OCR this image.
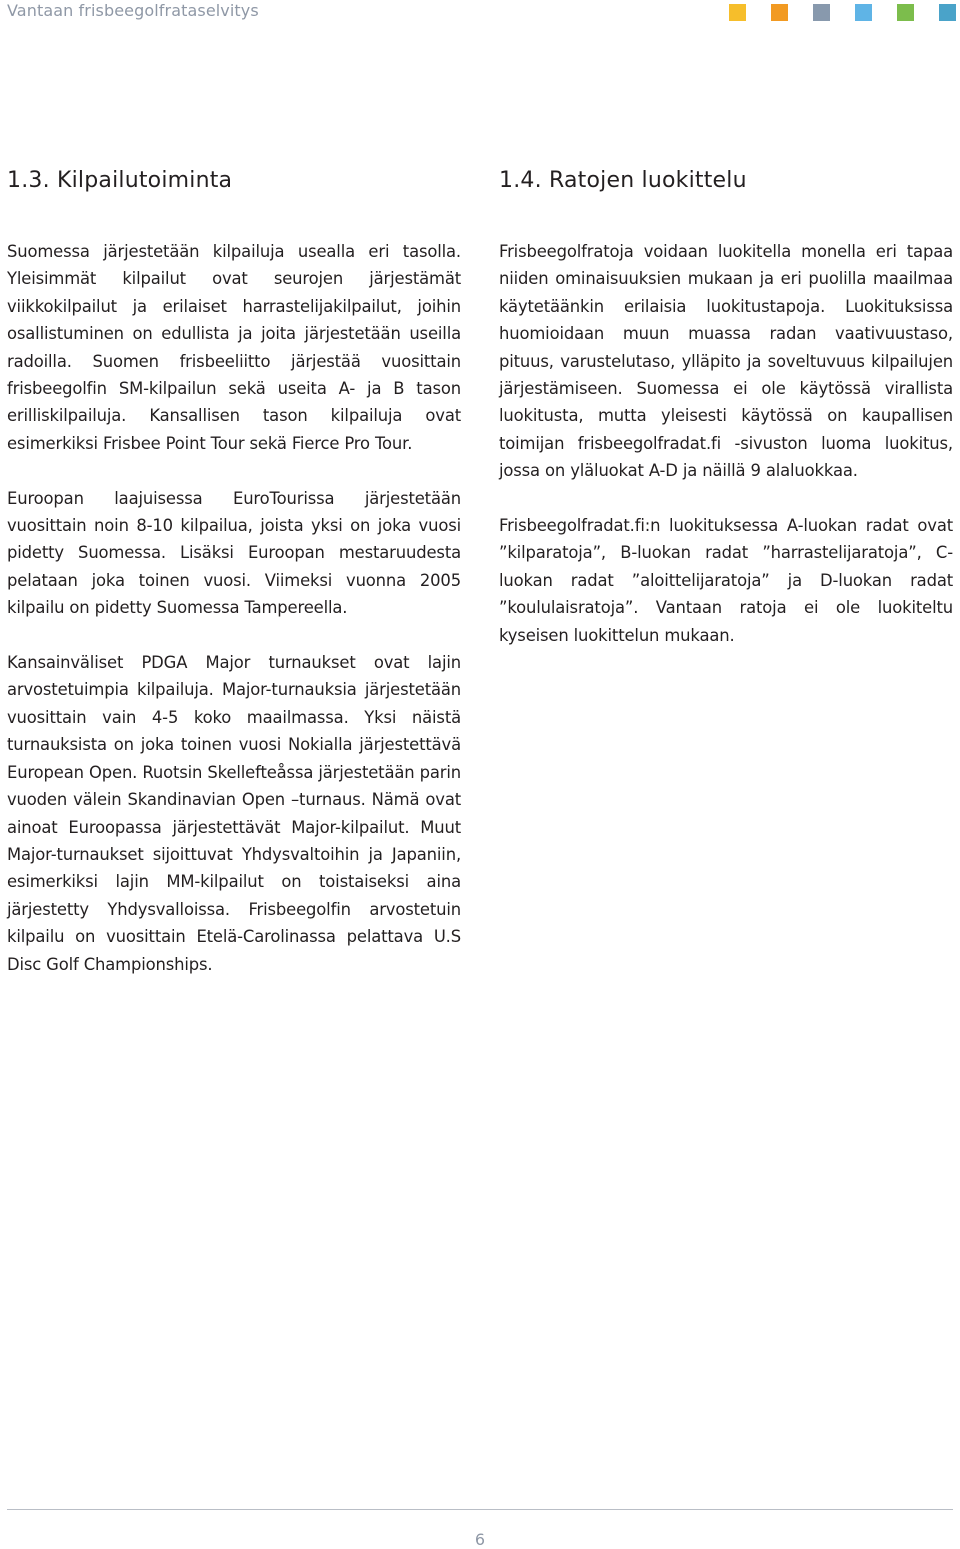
Vantaan frisbeegolfrataselvitys
1.3. Kilpailutoiminta

Suomessa järjestetään kilpailuja usealla eri tasolla. Yleisimmät kilpailut ovat seurojen järjestämät viikkokilpailut ja erilaiset harrastelijakilpailut, joihin osallistuminen on edullista ja joita järjestetään useilla radoilla. Suomen frisbeeliitto järjestää vuosittain frisbeegolfin SM-kilpailun sekä useita A- ja B tason erilliskilpailuja. Kansallisen tason kilpailuja ovat esimerkiksi Frisbee Point Tour sekä Fierce Pro Tour.

Euroopan laajuisessa EuroTourissa järjestetään vuosittain noin 8-10 kilpailua, joista yksi on joka vuosi pidetty Suomessa. Lisäksi Euroopan mestaruudesta pelataan joka toinen vuosi. Viimeksi vuonna 2005 kilpailu on pidetty Suomessa Tampereella.

Kansainväliset PDGA Major turnaukset ovat lajin arvostetuimpia kilpailuja. Major-turnauksia järjestetään vuosittain vain 4-5 koko maailmassa. Yksi näistä turnauksista on joka toinen vuosi Nokialla järjestettävä European Open. Ruotsin Skellefteåssa järjestetään parin vuoden välein Skandinavian Open –turnaus. Nämä ovat ainoat Euroopassa järjestettävät Major-kilpailut. Muut Major-turnaukset sijoittuvat Yhdysvaltoihin ja Japaniin, esimerkiksi lajin MM-kilpailut on toistaiseksi aina järjestetty Yhdysvalloissa. Frisbeegolfin arvostetuin kilpailu on vuosittain Etelä-Carolinassa pelattava U.S Disc Golf Championships.

1.4. Ratojen luokittelu

Frisbeegolfratoja voidaan luokitella monella eri tapaa niiden ominaisuuksien mukaan ja eri puolilla maailmaa käytetäänkin erilaisia luokitustapoja. Luokituksissa huomioidaan muun muassa radan vaativuustaso, pituus, varustelutaso, ylläpito ja soveltuvuus kilpailujen järjestämiseen. Suomessa ei ole käytössä virallista luokitusta, mutta yleisesti käytössä on kaupallisen toimijan frisbeegolfradat.fi -sivuston luoma luokitus, jossa on yläluokat A-D ja näillä 9 alaluokkaa.

Frisbeegolfradat.fi:n luokituksessa A-luokan radat ovat ”kilparatoja”, B-luokan radat ”harrastelijaratoja”, C-luokan radat ”aloittelijaratoja” ja D-luokan radat ”koululaisratoja”. Vantaan ratoja ei ole luokiteltu kyseisen luokittelun mukaan.

6
